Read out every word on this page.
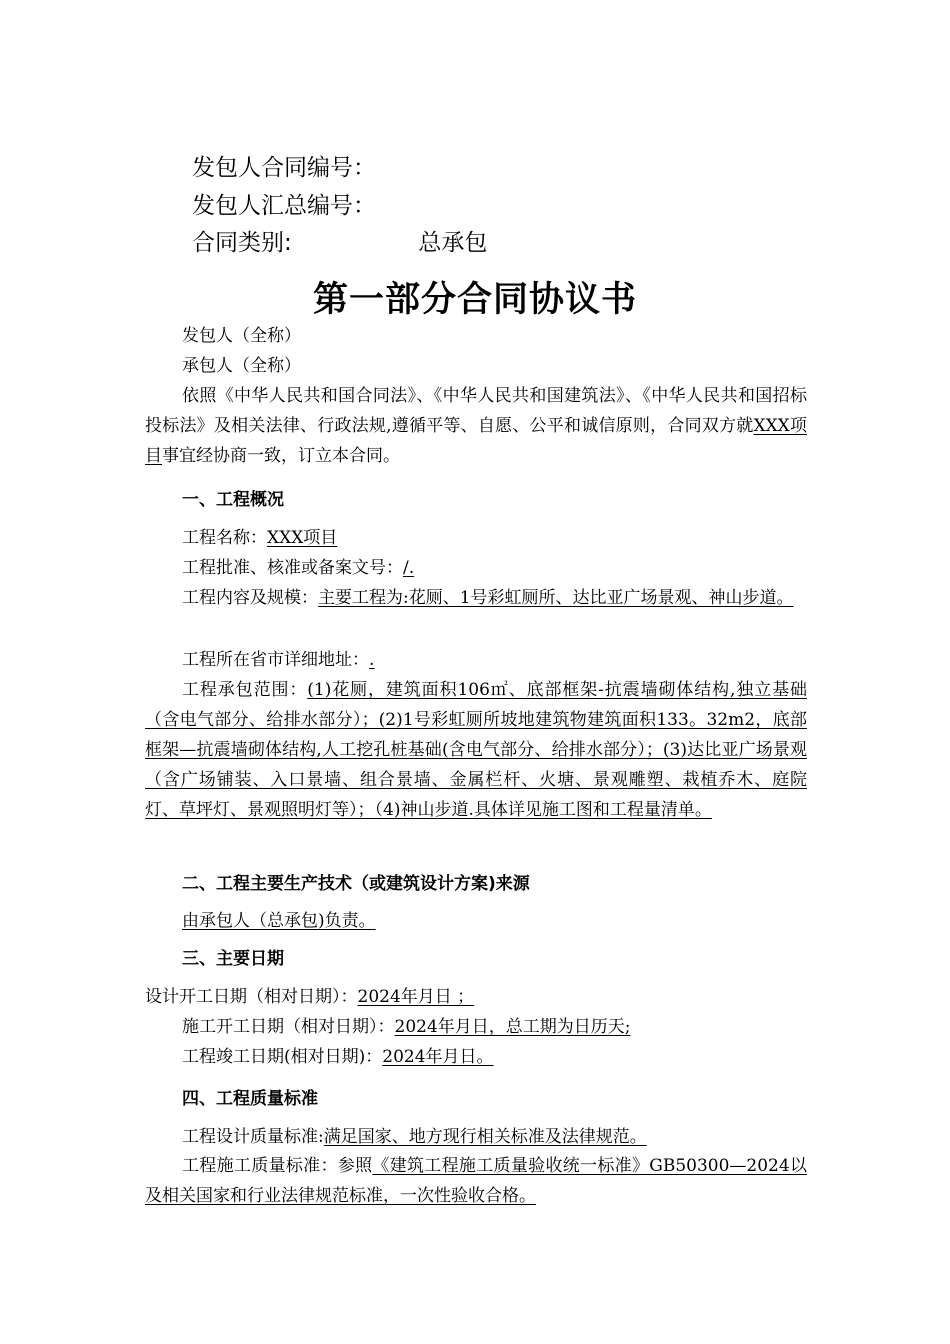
发包人合同编号：
发包人汇总编号：
合同类别:	总承包
第一部分合同协议书
发包人（全称）
承包人（全称）
依照《中华人民共和国合同法》、《中华人民共和国建筑法》、《中华人民共和国招标投标法》及相关法律、行政法规,遵循平等、自愿、公平和诚信原则，合同双方就XXX项目事宜经协商一致，订立本合同。
一、工程概况
工程名称：XXX项目
工程批准、核准或备案文号：/.
工程内容及规模：主要工程为:花厕、1号彩虹厕所、达比亚广场景观、神山步道。
工程所在省市详细地址：.
工程承包范围：(1)花厕，建筑面积106㎡、底部框架-抗震墙砌体结构,独立基础（含电气部分、给排水部分）；(2)1号彩虹厕所坡地建筑物建筑面积133。32m2，底部框架—抗震墙砌体结构,人工挖孔桩基础(含电气部分、给排水部分）；(3)达比亚广场景观（含广场铺装、入口景墙、组合景墙、金属栏杆、火塘、景观雕塑、栽植乔木、庭院灯、草坪灯、景观照明灯等）；（4)神山步道.具体详见施工图和工程量清单。
二、工程主要生产技术（或建筑设计方案)来源
由承包人（总承包)负责。
三、主要日期
设计开工日期（相对日期）：2024年月日 ；
施工开工日期（相对日期）：2024年月日，总工期为日历天;
工程竣工日期(相对日期)：2024年月日。
四、工程质量标准
工程设计质量标准:满足国家、地方现行相关标准及法律规范。
工程施工质量标准：参照《建筑工程施工质量验收统一标准》GB50300—2024以及相关国家和行业法律规范标准，一次性验收合格。
